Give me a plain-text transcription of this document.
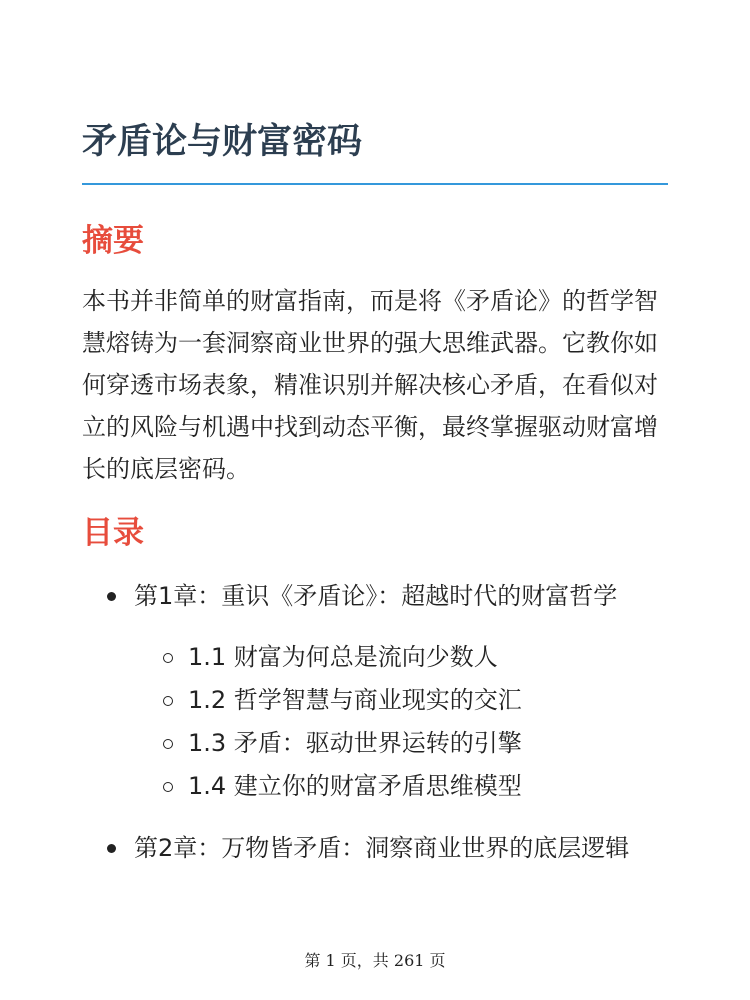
矛盾论与财富密码
摘要

本书并非简单的财富指南，而是将《矛盾论》的哲学智慧熔铸为一套洞察商业世界的强大思维武器。它教你如何穿透市场表象，精准识别并解决核心矛盾，在看似对立的风险与机遇中找到动态平衡，最终掌握驱动财富增长的底层密码。

目录
第1章：重识《矛盾论》：超越时代的财富哲学
1.1 财富为何总是流向少数人
1.2 哲学智慧与商业现实的交汇
1.3 矛盾：驱动世界运转的引擎
1.4 建立你的财富矛盾思维模型
第2章：万物皆矛盾：洞察商业世界的底层逻辑
第 1 页，共 261 页
